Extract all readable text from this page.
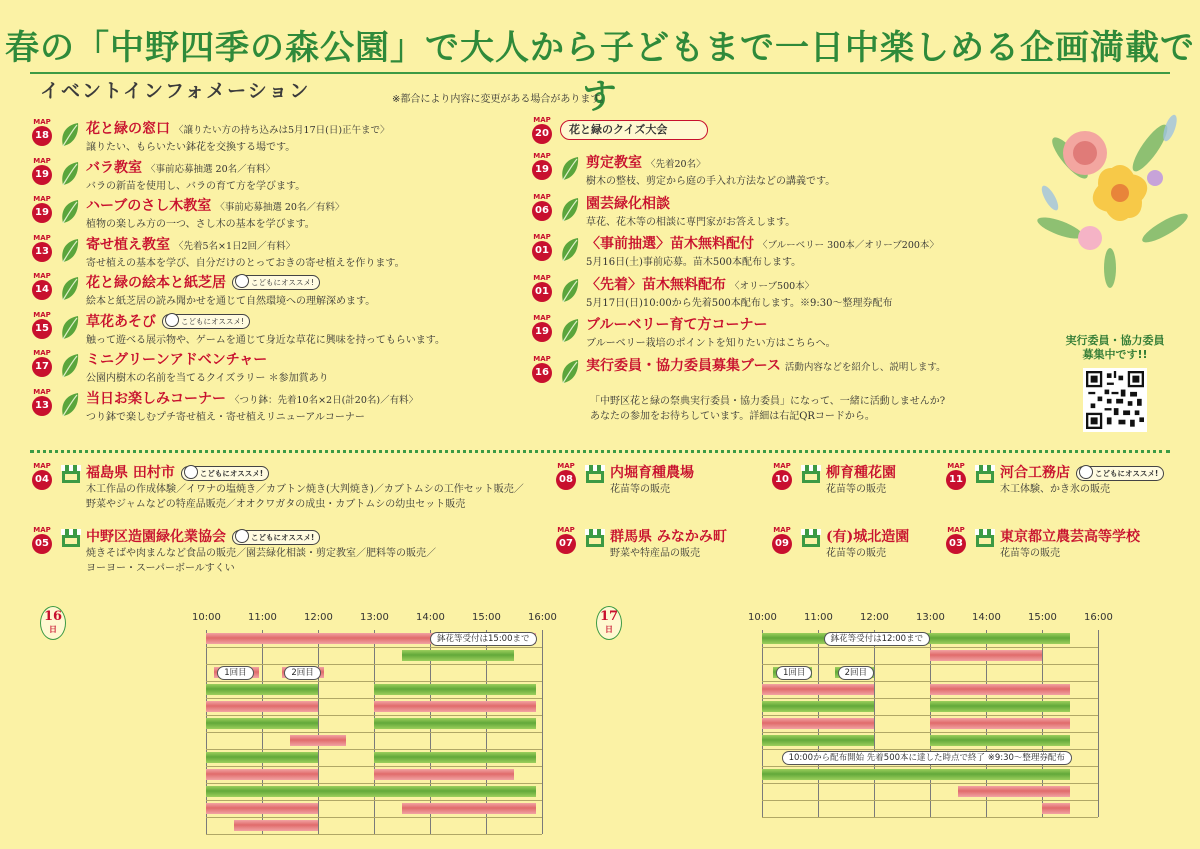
春の「中野四季の森公園」で大人から子どもまで一日中楽しめる企画満載です
イベントインフォメーション	※都合により内容に変更がある場合があります。
MAP
18	花と緑の窓口 〈譲りたい方の持ち込みは5月17日(日)正午まで〉
譲りたい、もらいたい鉢花を交換する場です。
MAP
19	バラ教室 〈事前応募抽選 20名／有料〉
バラの新苗を使用し、バラの育て方を学びます。
MAP
19	ハーブのさし木教室 〈事前応募抽選 20名／有料〉
植物の楽しみ方の一つ、さし木の基本を学びます。
MAP
13	寄せ植え教室 〈先着5名×1日2回／有料〉
寄せ植えの基本を学び、自分だけのとっておきの寄せ植えを作ります。
MAP
14	花と緑の絵本と紙芝居	こどもにオススメ!
絵本と紙芝居の読み聞かせを通じて自然環境への理解深めます。
MAP
15	草花あそび	こどもにオススメ!
触って遊べる展示物や、ゲームを通じて身近な草花に興味を持ってもらいます。
MAP
17	ミニグリーンアドベンチャー
公園内樹木の名前を当てるクイズラリー ＊参加賞あり
MAP
13	当日お楽しみコーナー 〈つり鉢：先着10名×2日(計20名)／有料〉
つり鉢で楽しむプチ寄せ植え・寄せ植えリニューアルコーナー
花と緑のクイズ大会
MAP
20
MAP
19	剪定教室 〈先着20名〉
樹木の整枝、剪定から庭の手入れ方法などの講義です。
MAP
06	園芸緑化相談
草花、花木等の相談に専門家がお答えします。
MAP
01	〈事前抽選〉苗木無料配付 〈ブルーベリー 300本／オリーブ200本〉
5月16日(土)事前応募。苗木500本配布します。
MAP
01	〈先着〉苗木無料配布 〈オリーブ500本〉
5月17日(日)10:00から先着500本配布します。※9:30～整理券配布
MAP
19	ブルーベリー育て方コーナー
ブルーベリー栽培のポイントを知りたい方はこちらへ。
MAP
16	実行委員・協力委員募集ブース 活動内容などを紹介し、説明します。
「中野区花と緑の祭典実行委員・協力委員」になって、一緒に活動しませんか?
あなたの参加をお待ちしています。詳細は右記QRコードから。
実行委員・協力委員
募集中です!!
MAP
04	福島県 田村市	こどもにオススメ!
木工作品の作成体験／イワナの塩焼き／カブトン焼き(大判焼き)／カブトムシの工作セット販売／
野菜やジャムなどの特産品販売／オオクワガタの成虫・カブトムシの幼虫セット販売
MAP
05	中野区造園緑化業協会	こどもにオススメ!
焼きそばや肉まんなど食品の販売／園芸緑化相談・剪定教室／肥料等の販売／
ヨーヨー・スーパーボールすくい
MAP
08	内堀育種農場
花苗等の販売
MAP
07	群馬県 みなかみ町
野菜や特産品の販売
MAP
10	柳育種花園
花苗等の販売
MAP
09	(有)城北造園
花苗等の販売
MAP
11	河合工務店	こどもにオススメ!
木工体験、かき氷の販売
MAP
03	東京都立農芸高等学校
花苗等の販売
16
日
10:00	11:00	12:00	13:00	14:00	15:00	16:00
鉢花等受付は15:00まで
1回目	2回目
17
日
10:00	11:00	12:00	13:00	14:00	15:00	16:00
鉢花等受付は12:00まで
1回目	2回目
10:00から配布開始 先着500本に達した時点で終了 ※9:30～整理券配布
